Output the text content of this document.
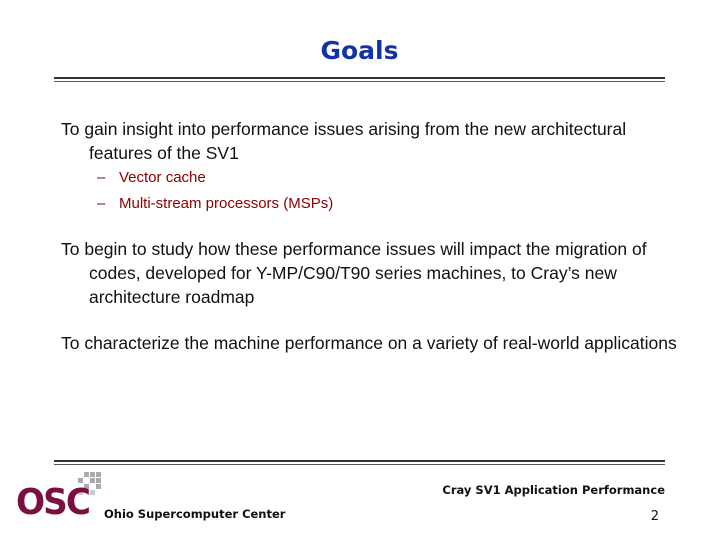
Goals

To gain insight into performance issues arising from the new architectural features of the SV1

– Vector cache

– Multi-stream processors (MSPs)

To begin to study how these performance issues will impact the migration of codes, developed for Y-MP/C90/T90 series machines, to Cray’s new architecture roadmap

To characterize the machine performance on a variety of real-world applications

OSC Ohio Supercomputer Center
Cray SV1 Application Performance
2
